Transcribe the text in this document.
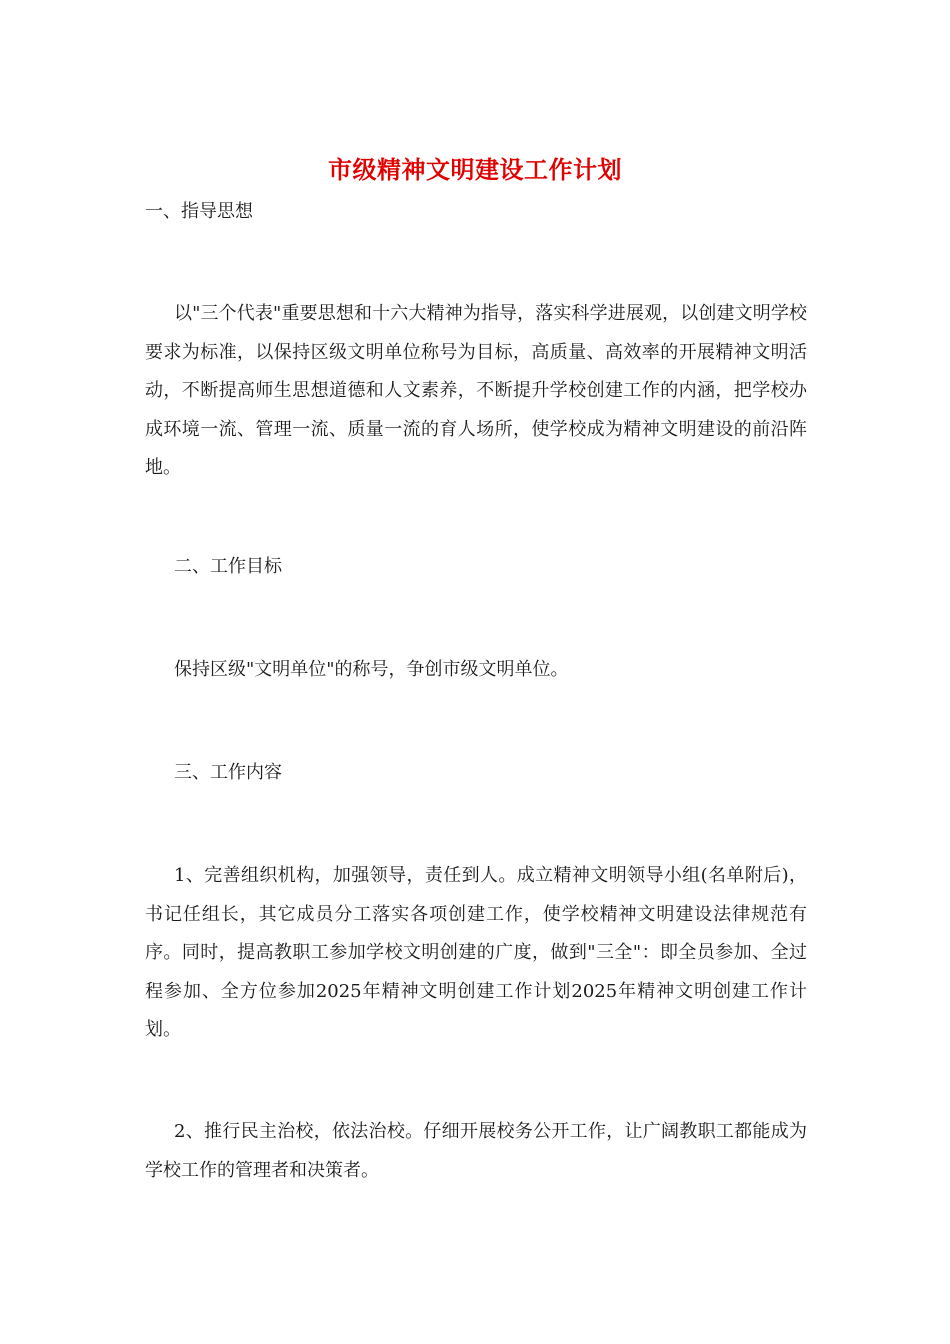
市级精神文明建设工作计划
一、指导思想
以"三个代表"重要思想和十六大精神为指导，落实科学进展观，以创建文明学校要求为标准，以保持区级文明单位称号为目标，高质量、高效率的开展精神文明活动，不断提高师生思想道德和人文素养，不断提升学校创建工作的内涵，把学校办成环境一流、管理一流、质量一流的育人场所，使学校成为精神文明建设的前沿阵地。
二、工作目标
保持区级"文明单位"的称号，争创市级文明单位。
三、工作内容
1、完善组织机构，加强领导，责任到人。成立精神文明领导小组(名单附后)，书记任组长，其它成员分工落实各项创建工作，使学校精神文明建设法律规范有序。同时，提高教职工参加学校文明创建的广度，做到"三全"：即全员参加、全过程参加、全方位参加2025年精神文明创建工作计划2025年精神文明创建工作计划。
2、推行民主治校，依法治校。仔细开展校务公开工作，让广阔教职工都能成为学校工作的管理者和决策者。
